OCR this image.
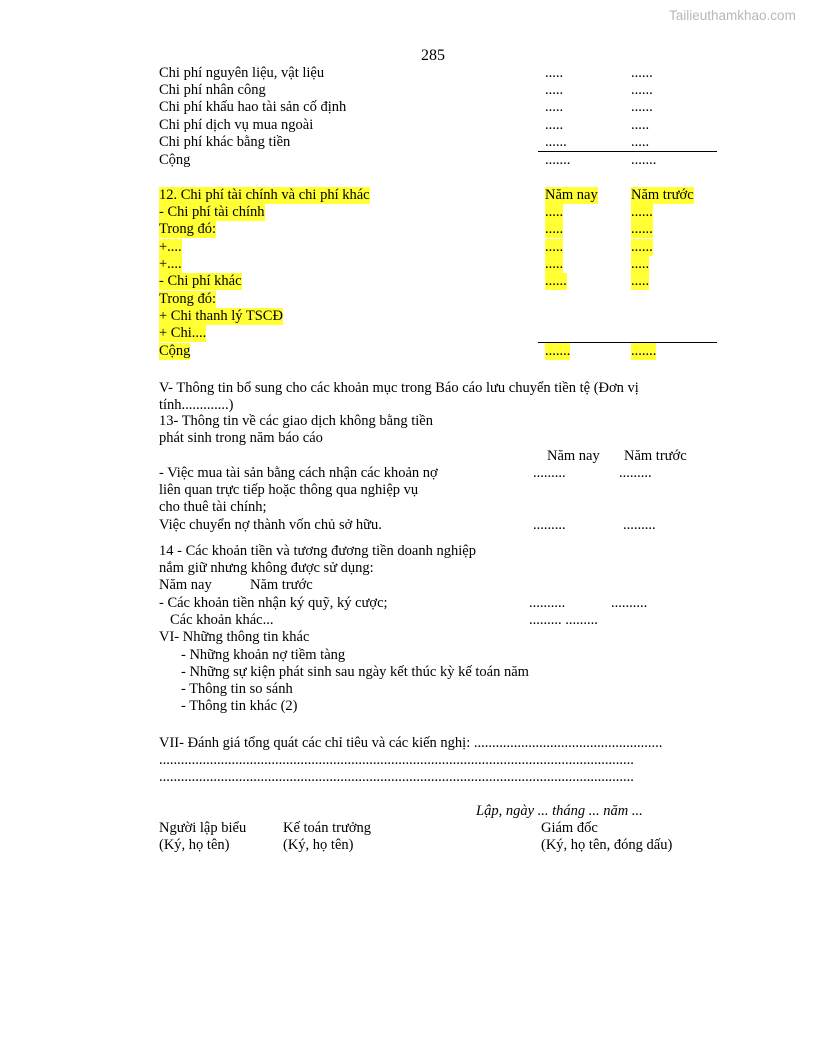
Tailieuthamkhao.com
285
Chi phí nguyên liệu, vật liệu	.....	......
Chi phí nhân công	.....	......
Chi phí khấu hao tài sản cố định	.....	......
Chi phí dịch vụ mua ngoài	.....	.....
Chi phí khác bằng tiền	......	.....
Cộng	.......	.......
12. Chi phí tài chính và chi phí khác	Năm nay Năm trước
- Chi phí tài chính	.....	......
Trong đó:	.....	......
+....	.....	......
+....	.....	.....
- Chi phí khác	......	.....
Trong đó:
+ Chi thanh lý TSCĐ
+ Chi....
Cộng	.......	.......
V- Thông tin bổ sung cho các khoản mục trong Báo cáo lưu chuyển tiền tệ (Đơn vị
tính.............)
13- Thông tin về các giao dịch không bằng tiền
phát sinh trong năm báo cáo
Năm nay Năm trước
- Việc mua tài sản bằng cách nhận các khoản nợ	.........	.........
liên quan trực tiếp hoặc thông qua nghiệp vụ
cho thuê tài chính;
Việc chuyển nợ thành vốn chủ sở hữu.	.........	.........
14 - Các khoản tiền và tương đương tiền doanh nghiệp
nắm giữ nhưng không được sử dụng:
Năm nay	Năm trước
- Các khoản tiền nhận ký quỹ, ký cược;	..........	..........
Các khoản khác...	......... .........
VI- Những thông tin khác
- Những khoản nợ tiềm tàng
- Những sự kiện phát sinh sau ngày kết thúc kỳ kế toán năm
- Thông tin so sánh
- Thông tin khác (2)
VII- Đánh giá tổng quát các chỉ tiêu và các kiến nghị: ....................................................
...................................................................................................................................
...................................................................................................................................
Lập, ngày ... tháng ... năm ...
Người lập biểu	Kế toán trưởng	Giám đốc
(Ký, họ tên)	(Ký, họ tên)	(Ký, họ tên, đóng dấu)
